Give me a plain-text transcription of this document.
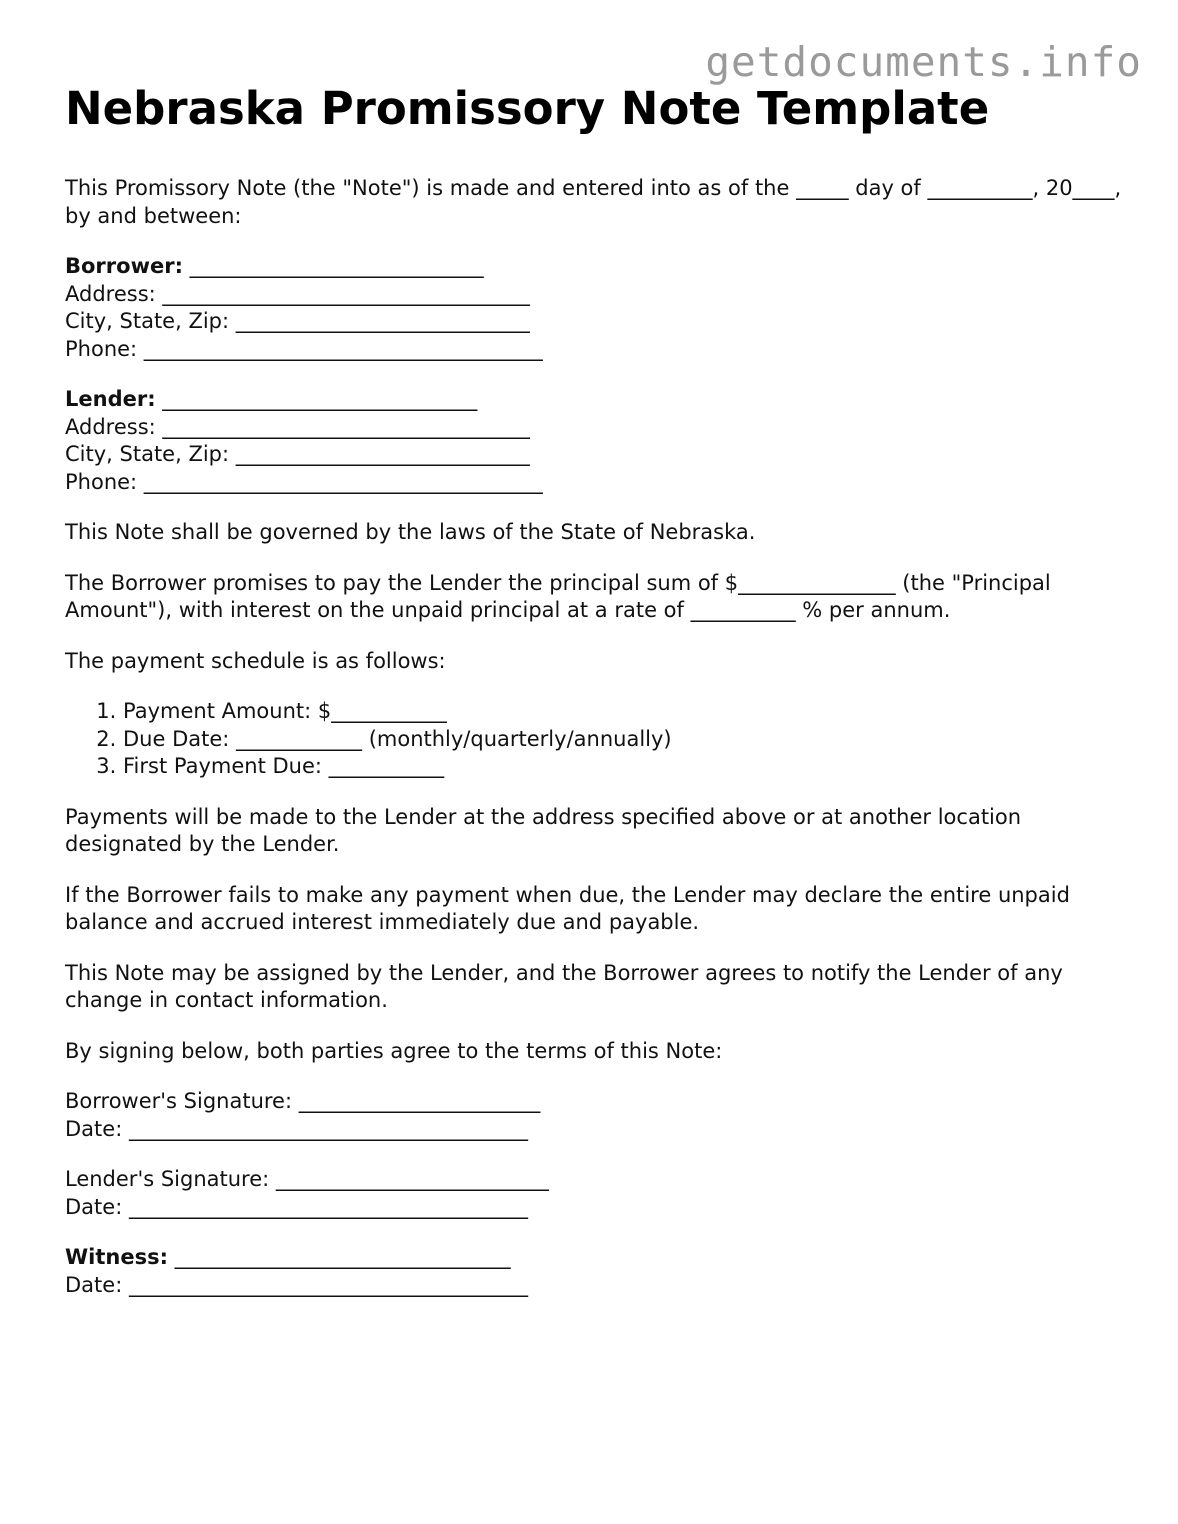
getdocuments.info
Nebraska Promissory Note Template

This Promissory Note (the "Note") is made and entered into as of the _____ day of __________, 20____, by and between:

Borrower: ____________________________
Address: ___________________________________
City, State, Zip: ____________________________
Phone: ______________________________________
Lender: ______________________________
Address: ___________________________________
City, State, Zip: ____________________________
Phone: ______________________________________

This Note shall be governed by the laws of the State of Nebraska.

The Borrower promises to pay the Lender the principal sum of $_______________ (the "Principal Amount"), with interest on the unpaid principal at a rate of __________ % per annum.

The payment schedule is as follows:

1. Payment Amount: $___________
2. Due Date: ____________ (monthly/quarterly/annually)
3. First Payment Due: ___________

Payments will be made to the Lender at the address specified above or at another location designated by the Lender.

If the Borrower fails to make any payment when due, the Lender may declare the entire unpaid balance and accrued interest immediately due and payable.

This Note may be assigned by the Lender, and the Borrower agrees to notify the Lender of any change in contact information.

By signing below, both parties agree to the terms of this Note:

Borrower's Signature: _______________________
Date: ______________________________________
Lender's Signature: __________________________
Date: ______________________________________
Witness: ________________________________
Date: ______________________________________
